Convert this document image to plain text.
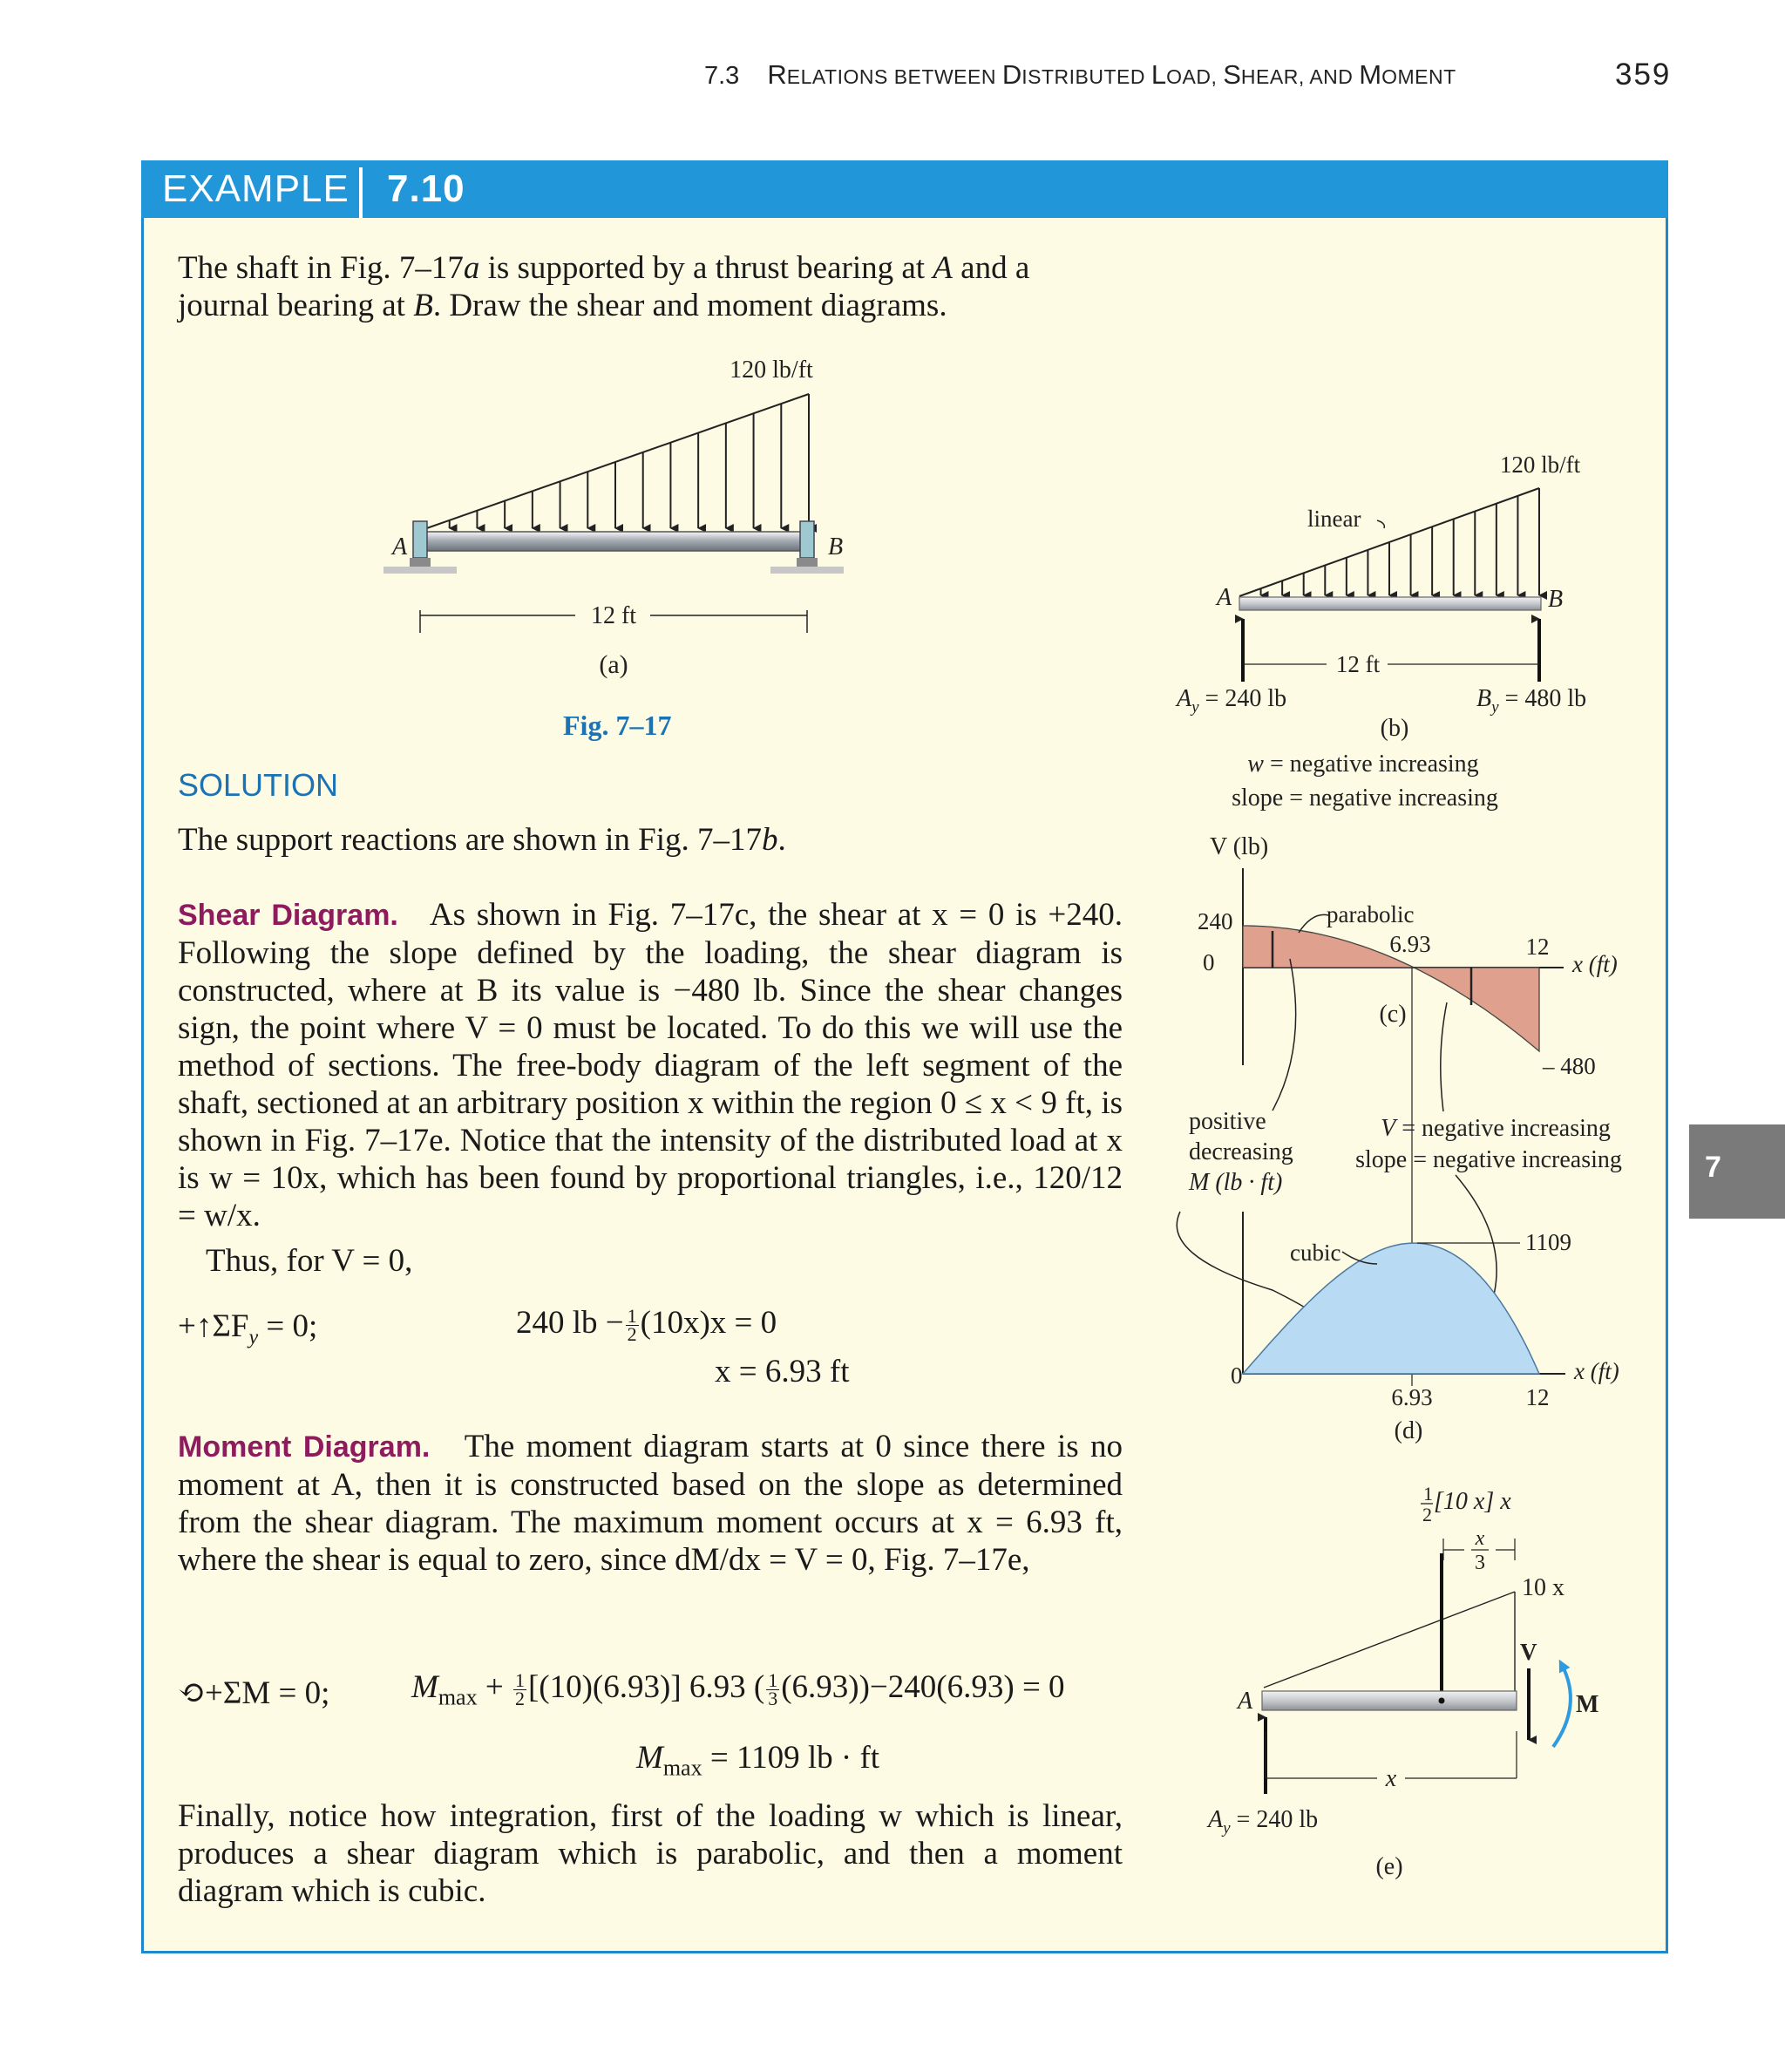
7.3 RELATIONS BETWEEN DISTRIBUTED LOAD, SHEAR, AND MOMENT	359
EXAMPLE 7.10
The shaft in Fig. 7–17a is supported by a thrust bearing at A and a
journal bearing at B. Draw the shear and moment diagrams.
120 lb/ft
A	B
12 ft
(a)
Fig. 7–17
120 lb/ft
linear
A	B
12 ft
$A_y = 240$ lb	$B_y = 480$ lb
(b)
w = negative increasing
slope = negative increasing
V (lb)
240
0
parabolic
6.93	12
x (ft)
– 480
(c)
positive
decreasing
M (lb · ft)
V = negative increasing
slope = negative increasing
1109
cubic
0
6.93	12
x (ft)
(d)
$^1$ 2[10 x] x
x
3
10 x
A
V
M
x
$A_y = 240$ lb
(e)
SOLUTION
The support reactions are shown in Fig. 7–17b.
Shear Diagram. As shown in Fig. 7–17c, the shear at x = 0 is +240. Following the slope defined by the loading, the shear diagram is constructed, where at B its value is −480 lb. Since the shear changes sign, the point where V = 0 must be located. To do this we will use the method of sections. The free-body diagram of the left segment of the shaft, sectioned at an arbitrary position x within the region 0 ≤ x < 9 ft, is shown in Fig. 7–17e. Notice that the intensity of the distributed load at x is w = 10x, which has been found by proportional triangles, i.e., 120/12 = w/x.
Thus, for V = 0,
$+↑\Sigma F_y = 0$;	240 lb − $\frac{1}{2} (10x)x = 0$
x = 6.93 ft
Moment Diagram. The moment diagram starts at 0 since there is no moment at A, then it is constructed based on the slope as determined from the shear diagram. The maximum moment occurs at x = 6.93 ft, where the shear is equal to zero, since dM/dx = V = 0, Fig. 7–17e,
⟲+ΣM = 0;	$M_{max} + \frac{1}{2} [(10)(6.93)]$ 6.93 ( $\frac{1}{3} (6.93))-240(6.93) = 0$
$M_{max} = 1109$ lb · ft
Finally, notice how integration, first of the loading w which is linear, produces a shear diagram which is parabolic, and then a moment diagram which is cubic.
7
